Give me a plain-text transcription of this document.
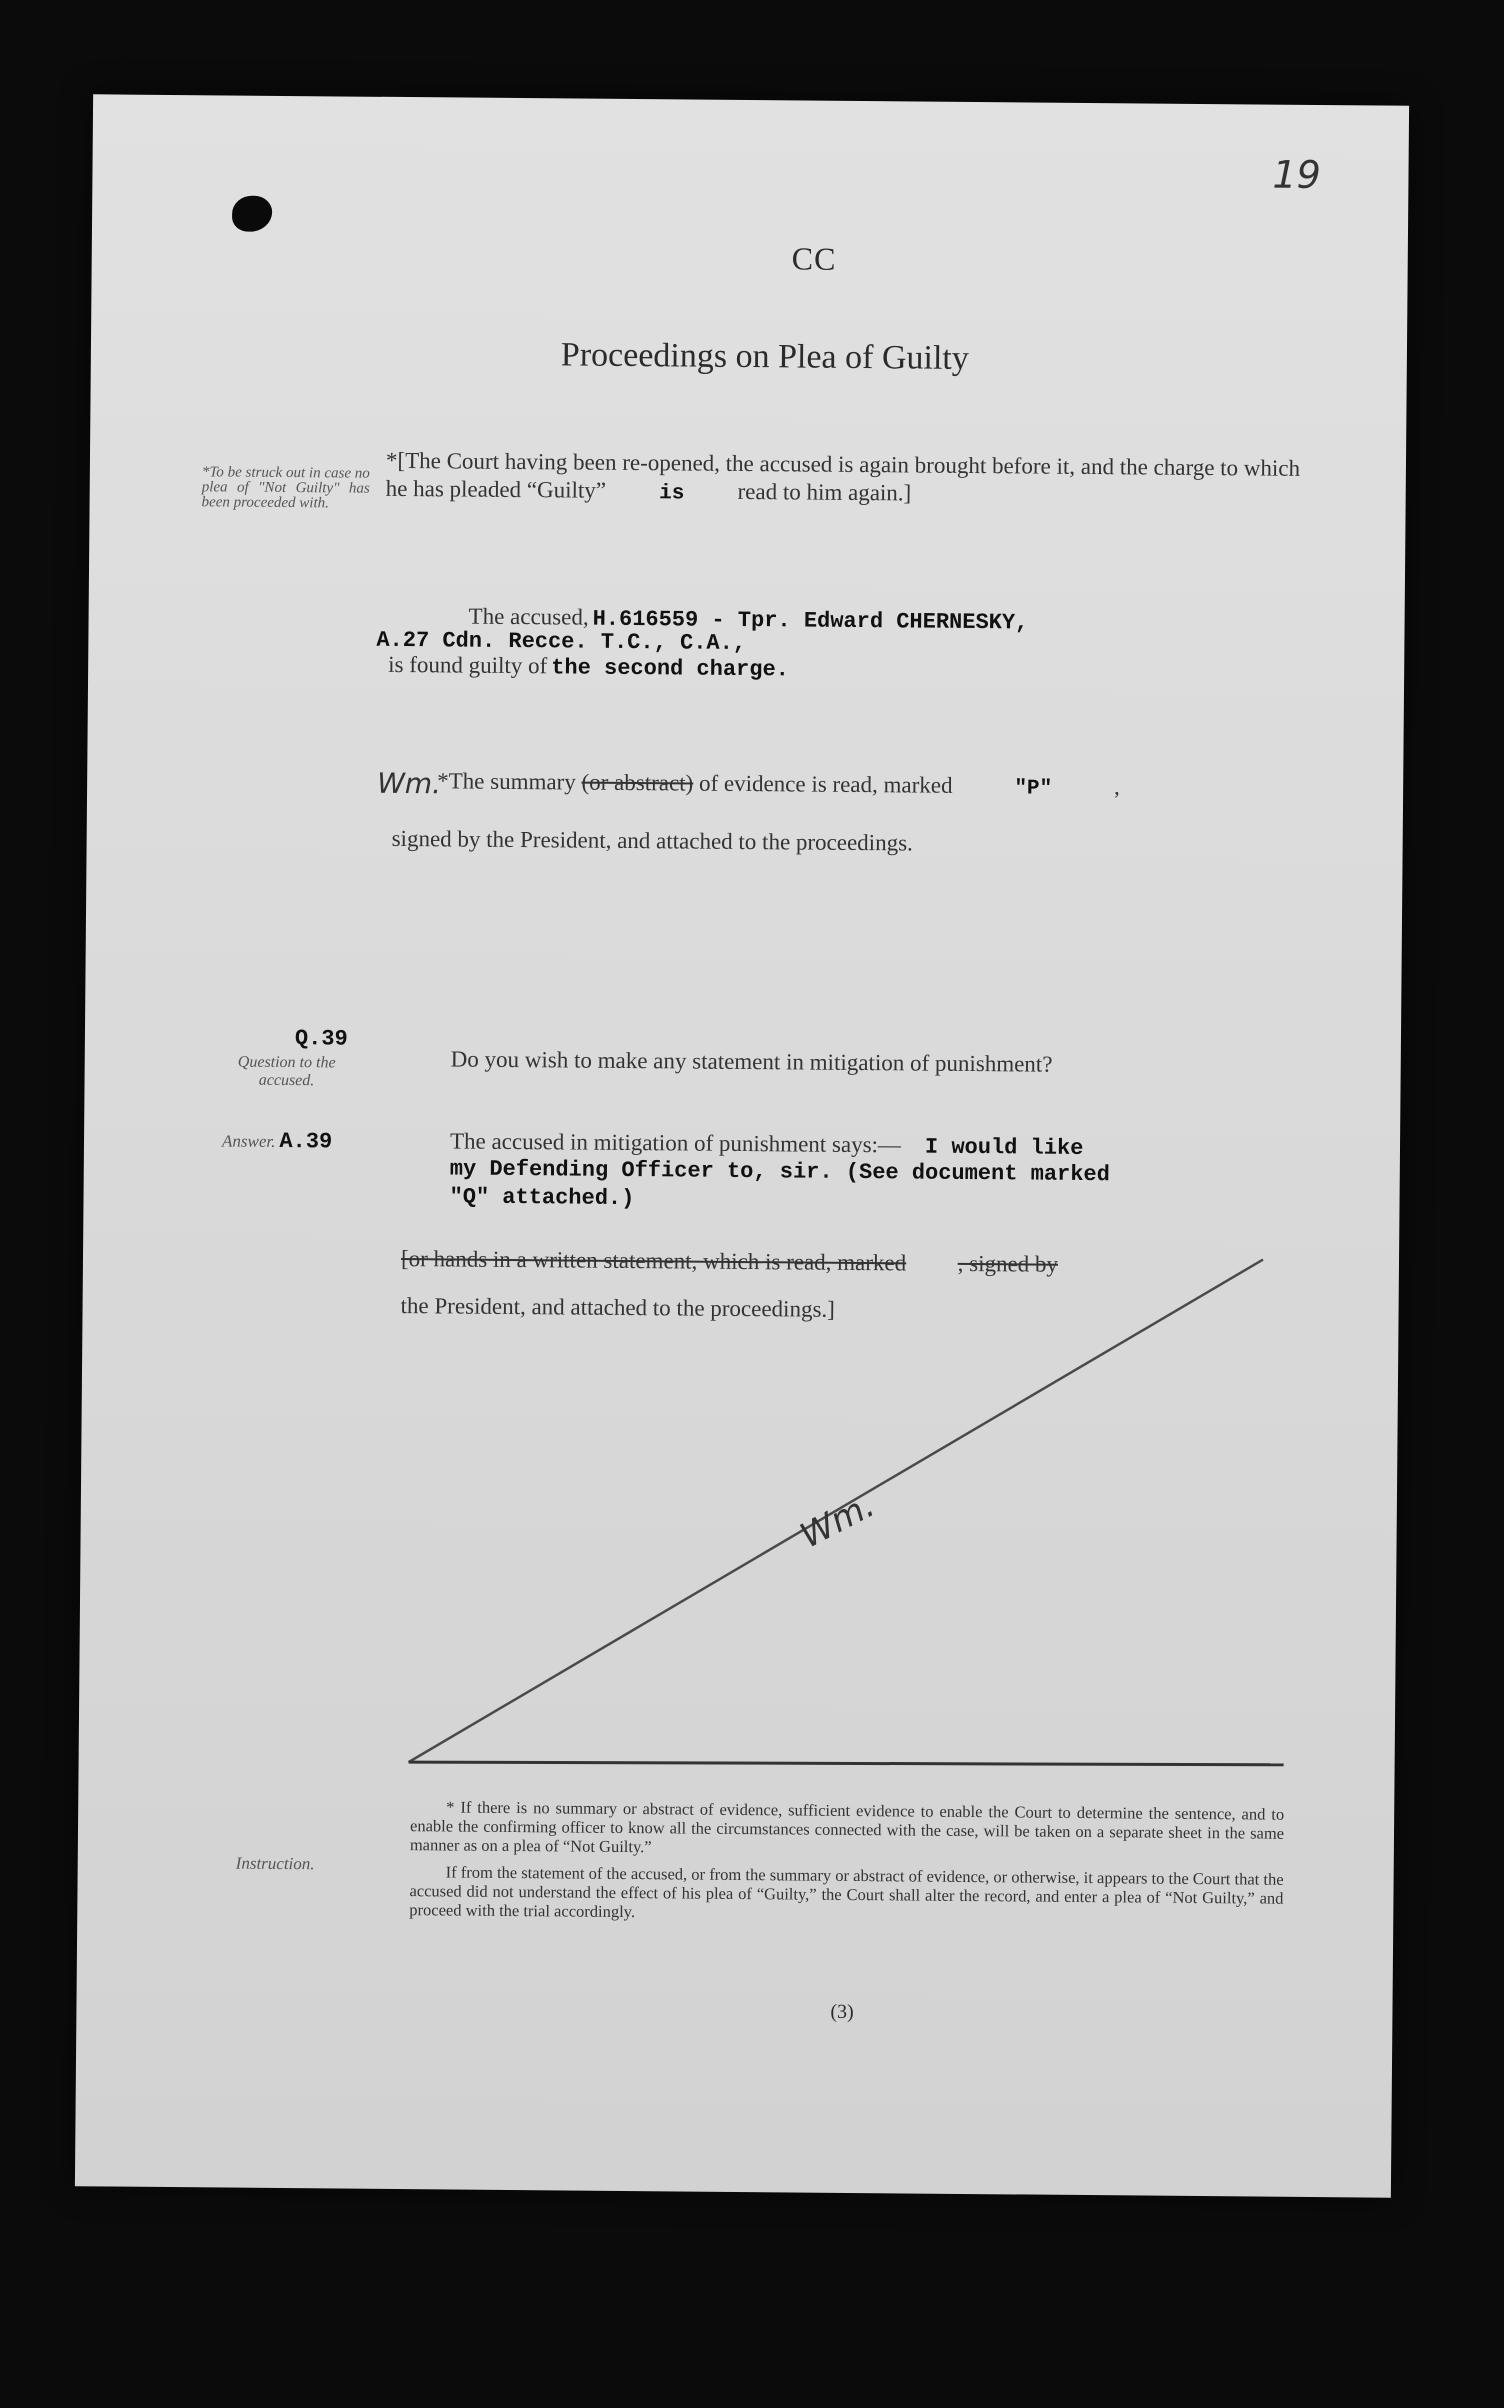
19
CC
Proceedings on Plea of Guilty
*To be struck out in case no plea of "Not Guilty" has been proceeded with.
*[The Court having been re-opened, the accused is again brought before it, and the charge to which he has pleaded “Guilty”	is read to him again.]
The accused, H.616559 - Tpr. Edward CHERNESKY,
A.27 Cdn. Recce. T.C., C.A.,
is found guilty of the second charge.
Wm.
*The summary (or abstract) of evidence is read, marked	"P"	,
signed by the President, and attached to the proceedings.
Q.39
Question to the accused.
Do you wish to make any statement in mitigation of punishment?
Answer. A.39	The accused in mitigation of punishment says:— I would like
my Defending Officer to, sir. (See document marked
"Q" attached.)
[or hands in a written statement, which is read, marked , signed by
the President, and attached to the proceedings.]
Wm.
Instruction.

* If there is no summary or abstract of evidence, sufficient evidence to enable the Court to determine the sentence, and to enable the confirming officer to know all the circumstances connected with the case, will be taken on a separate sheet in the same manner as on a plea of “Not Guilty.”

If from the statement of the accused, or from the summary or abstract of evidence, or otherwise, it appears to the Court that the accused did not understand the effect of his plea of “Guilty,” the Court shall alter the record, and enter a plea of “Not Guilty,” and proceed with the trial accordingly.

(3)
